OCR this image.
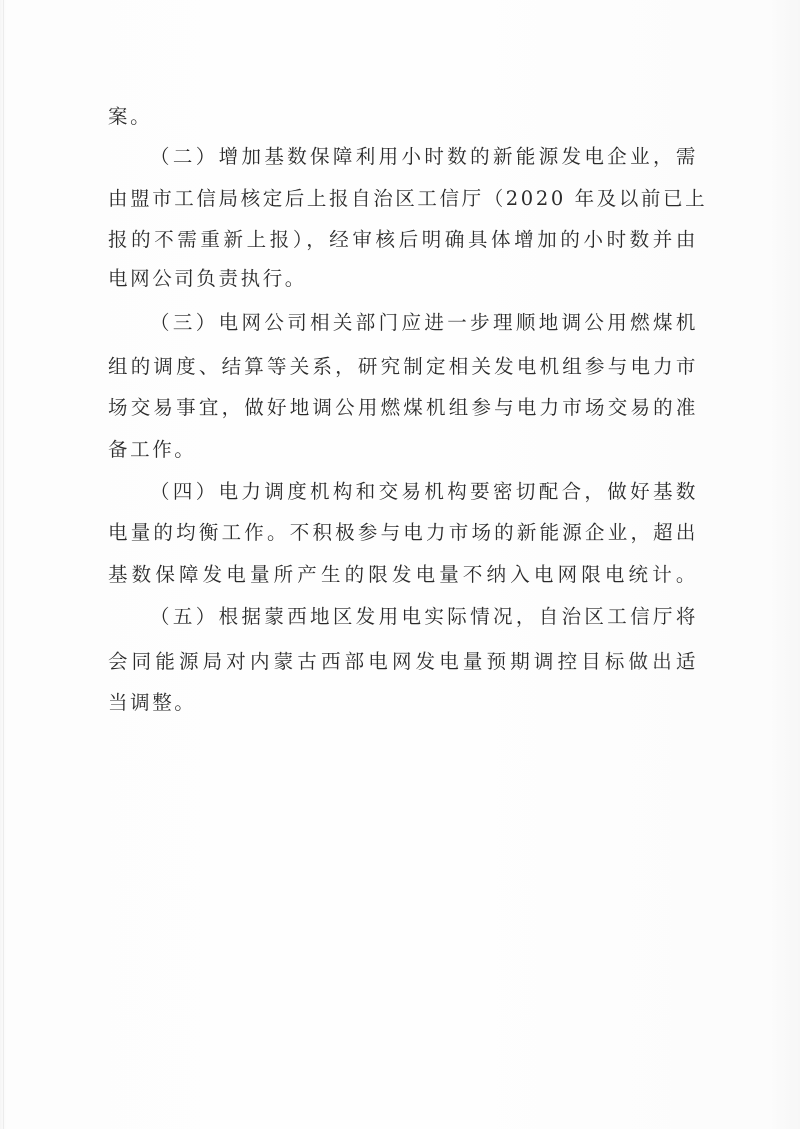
案。
（二）增加基数保障利用小时数的新能源发电企业，需
由盟市工信局核定后上报自治区工信厅（2020 年及以前已上
报的不需重新上报），经审核后明确具体增加的小时数并由
电网公司负责执行。
（三）电网公司相关部门应进一步理顺地调公用燃煤机
组的调度、结算等关系，研究制定相关发电机组参与电力市
场交易事宜，做好地调公用燃煤机组参与电力市场交易的准
备工作。
（四）电力调度机构和交易机构要密切配合，做好基数
电量的均衡工作。不积极参与电力市场的新能源企业，超出
基数保障发电量所产生的限发电量不纳入电网限电统计。
（五）根据蒙西地区发用电实际情况，自治区工信厅将
会同能源局对内蒙古西部电网发电量预期调控目标做出适
当调整。
